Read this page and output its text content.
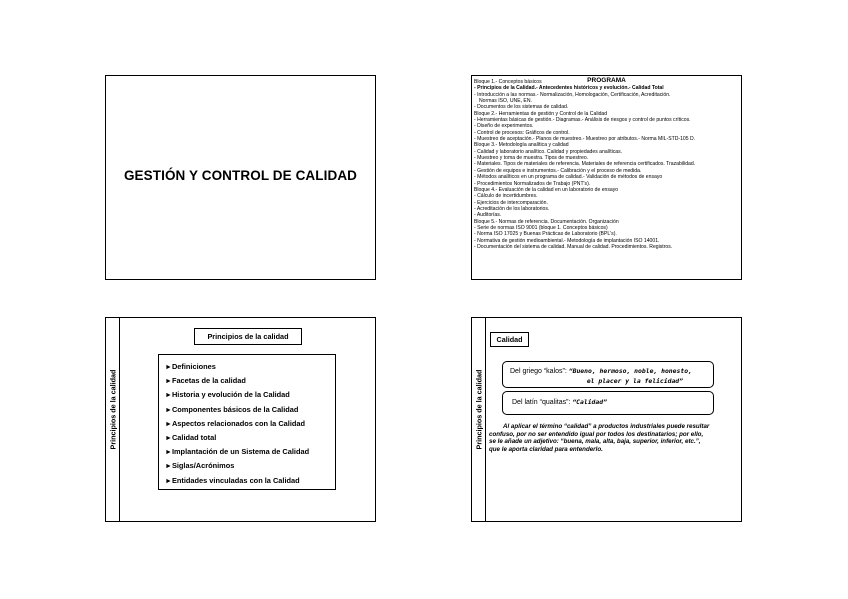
GESTIÓN Y CONTROL DE CALIDAD
PROGRAMA
Bloque 1.- Conceptos básicos
- Principios de la Calidad.- Antecedentes históricos y evolución.- Calidad Total
- Introducción a las normas.- Normalización, Homologación, Certificación, Acreditación.
Normas ISO, UNE, EN.
- Documentos de los sistemas de calidad.
Bloque 2.- Herramientas de gestión y Control de la Calidad
- Herramientas básicas de gestión.- Diagramas.- Análisis de riesgos y control de puntos críticos.
- Diseño de experimentos.
- Control de procesos: Gráficos de control.
- Muestreo de aceptación.- Planos de muestreo.- Muestreo por atributos.- Norma MIL-STD-105 D.
Bloque 3.- Metodología analítica y calidad
- Calidad y laboratorio analítico. Calidad y propiedades analíticas.
- Muestreo y toma de muestra. Tipos de muestreo.
- Materiales. Tipos de materiales de referencia. Materiales de referencia certificados. Trazabilidad.
- Gestión de equipos e instrumentos.- Calibración y el proceso de medida.
- Métodos analíticos en un programa de calidad.- Validación de métodos de ensayo
- Procedimientos Normalizados de Trabajo (PNT's).
Bloque 4.- Evaluación de la calidad en un laboratorio de ensayo
- Cálculo de incertidumbres.
- Ejercicios de intercomparación.
- Acreditación de los laboratorios.
- Auditorías.
Bloque 5.- Normas de referencia. Documentación. Organización
- Serie de normas ISO 9001 (bloque 1. Conceptos básicos)
- Norma ISO 17025 y Buenas Prácticas de Laboratorio (BPL's).
- Normativa de gestión medioambiental.- Metodología de implantación ISO 14001.
- Documentación del sistema de calidad. Manual de calidad. Procedimientos. Registros.
Principios de la calidad
Principios de la calidad
►Definiciones
►Facetas de la calidad
►Historia y evolución de la Calidad
►Componentes básicos de la Calidad
►Aspectos relacionados con la Calidad
►Calidad total
►Implantación de un Sistema de Calidad
►Siglas/Acrónimos
►Entidades vinculadas con la Calidad
Principios de la calidad
Calidad
Del griego “kalos”: “Bueno, hermoso, noble, honesto,
el placer y la felicidad”
Del latín “qualitas”: “Calidad”
Al aplicar el término “calidad” a productos industriales puede resultar
confuso, por no ser entendido igual por todos los destinatarios; por ello,
se le añade un adjetivo: “buena, mala, alta, baja, superior, inferior, etc.”,
que le aporta claridad para entenderlo.
